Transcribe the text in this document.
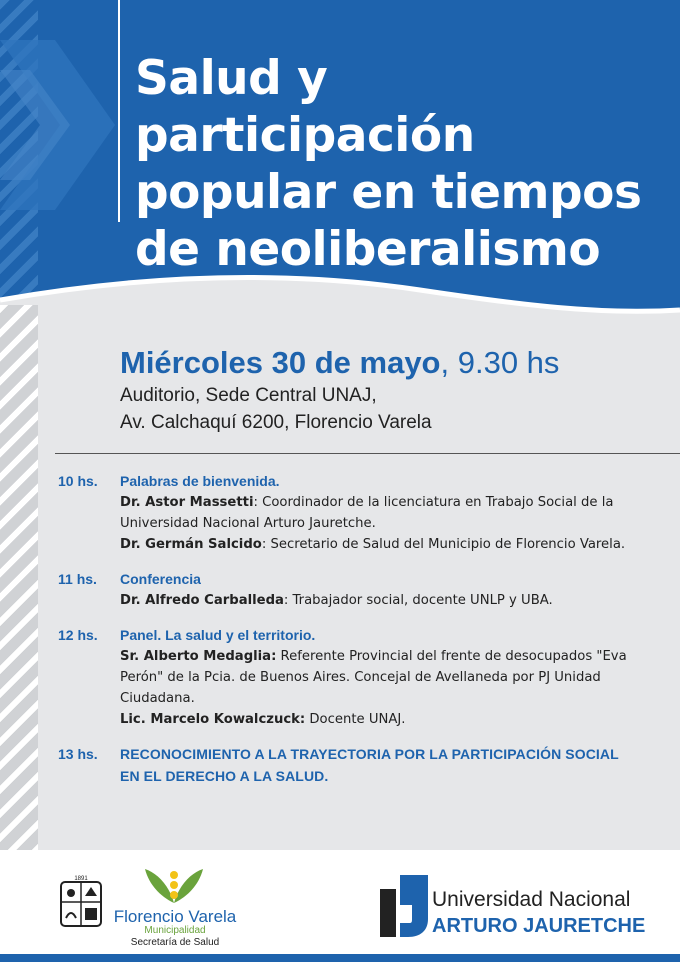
Salud y participación popular en tiempos de neoliberalismo
Miércoles 30 de mayo, 9.30 hs
Auditorio, Sede Central UNAJ,
Av. Calchaquí 6200, Florencio Varela
10 hs. Palabras de bienvenida.
Dr. Astor Massetti: Coordinador de la licenciatura en Trabajo Social de la Universidad Nacional Arturo Jauretche.
Dr. Germán Salcido: Secretario de Salud del Municipio de Florencio Varela.
11 hs. Conferencia
Dr. Alfredo Carballeda: Trabajador social, docente UNLP y UBA.
12 hs. Panel. La salud y el territorio.
Sr. Alberto Medaglia: Referente Provincial del frente de desocupados "Eva Perón" de la Pcia. de Buenos Aires. Concejal de Avellaneda por PJ Unidad Ciudadana.
Lic. Marcelo Kowalczuck: Docente UNAJ.
13 hs. RECONOCIMIENTO A LA TRAYECTORIA POR LA PARTICIPACIÓN SOCIAL EN EL DERECHO A LA SALUD.
1891
Florencio Varela
Municipalidad
Secretaría de Salud
Universidad Nacional
ARTURO JAURETCHE
